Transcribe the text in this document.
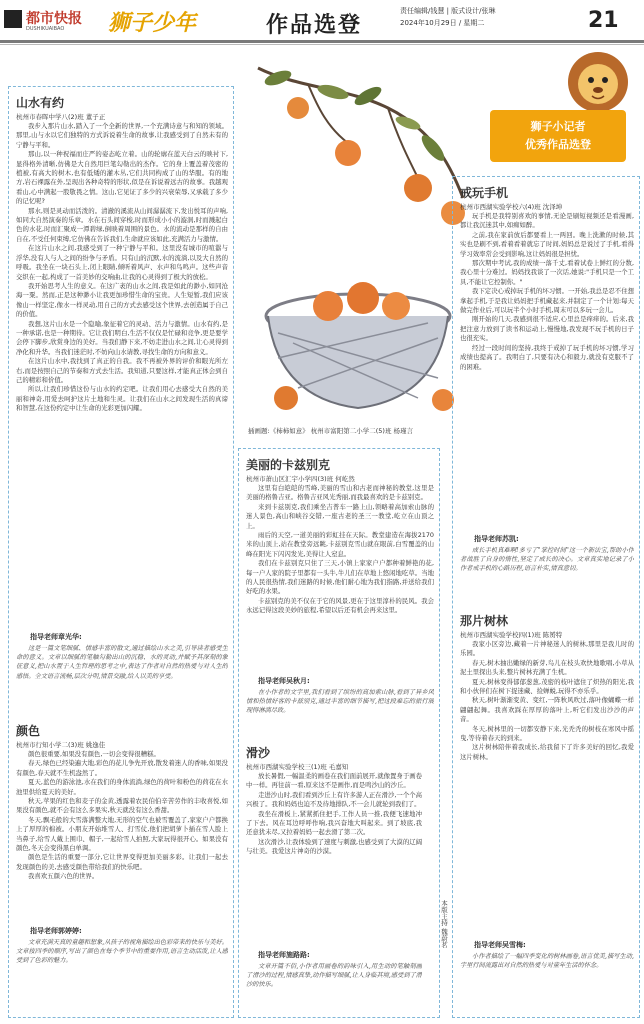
都市快报
DUSHIKUAIBAO 狮子少年	作品选登
责任编辑/钱慧 | 版式设计/张琳
2024年10月29日 / 星期二	21
山水有约
杭州市春晖中学八(2)班 董子正

我步入那片山水,踏入了一个全新的世界,一个充满诗意与和知的领域。那里,山与水以它们独特的方式诉说着生命的故事,让我感受到了自然未有的宁静与平和。

那山,以一种祝福而庄严的姿态屹立着。山的轮廓在蓝天白云的映衬下,显得格外清晰,仿佛是大自然用巨笔勾勒出的杰作。它的身上覆盖着茂密的植被,有高大的树木,也有低矮的灌木丛,它们共同构成了山的华服。有的地方,岩石裸露在外,呈现出各种奇特的形状,似是在诉说着远古的故事。我越观看山,心中满起一股敬畏之情。这山,它见证了多少的兴衰荣辱,又承载了多少的记忆呢?

那水,则是灵动而活泼的。清澈的溪流从山间潺潺流下,发出悦耳的声响,如同大自然演奏的乐章。水在石头间穿梭,时而形成小小的漩涡,时而溅起白色的水花,时而汇聚成一潭碧绿,倒映着周围的景色。水的流动是那样的自由自在,不受任何束缚,它仿佛在告诉我们,生命就应该如此,充满活力与激情。

在这片山水之间,我感受到了一种宁静与平和。这里没有城市的喧嚣与浮华,没有人与人之间的纷争与矛盾。只有山的沉默,水的流淌,以及大自然的呼吸。我坐在一块石头上,闭上眼睛,倾听着风声、水声和鸟鸣声。这些声音交织在一起,构成了一首美妙的交响曲,让我的心灵得到了极大的放松。

我开始思考人生的意义。在这广袤的山水之间,我是如此的渺小,如同沧海一粟。然而,正是这种渺小让我更加珍惜生命的宝贵。人生短暂,我们应该像山一样坚定,像水一样灵动,用自己的方式去感受这个世界,去创造属于自己的价值。

我想,这片山水是一个隐喻,象征着它的灵动、活力与激情。山水有约,是一种承诺,也是一种期待。它让我们明白,生活不仅仅是忙碌和竞争,更是要学会停下脚步,欣赏身边的美好。当我们静下来,不妨走进山水之间,让心灵得到净化和升华。当我们迷茫时,不妨向山水请教,寻找生命的方向和意义。

在这片山水中,我找到了真正的自我。我不再被外界的评价和眼光所左右,而是按照自己的节奏和方式去生活。我知道,只要这样,才能真正体会到自己的精彩和价值。

所以,让我们珍惜这份与山水的约定吧。让我们用心去感受大自然的美丽和神奇,用爱去呵护这片土地和生灵。让我们在山水之间发现生活的真谛和智慧,在这份约定中让生命的光彩更加闪耀。

指导老师章光华:

这是一篇文笔细腻、情感丰富的散文,通过描绘山水之美,引导读者感受生命的意义。文章以细腻的笔触勾勒出山的沉稳、水的灵动,并赋予其深刻的象征意义,把山水置于人生哲理的思考之中,表达了作者对自然的热爱与对人生的感悟。全文语言流畅,层次分明,情景交融,给人以美的享受。

颜色
杭州市行知小学二(3)班 姚逸佳

颜色很重要,如果没有颜色,一切会变得很糟糕。

春天,绿色已经染遍大地,彩色的花儿争先开放,散发着迷人的香味,如果没有颜色,春天就不生机盎然了。

夏天,蓝色的游泳池,水在我们的身体流淌,绿色的荷叶和粉色的荷花在水池里供给夏天的美好。

秋天,苹果的红色和麦子的金黄,透露着农民伯伯辛苦劳作的丰收喜悦,如果没有颜色,就不会有这么多果实,秋天就没有这么香甜。

冬天,飘毛般的大雪落满整大地,无形的空气也被雪覆盖了,家家户户都换上了厚厚的棉被。小朋友开始堆雪人、打雪仗,他们把胡萝卜插在雪人脸上当鼻子,给雪人戴上围巾、帽子,一起给雪人拍照,大家玩得很开心。如果没有颜色,冬天会变得黑白单调。

颜色是生活的重要一部分,它让世界变得更加美丽多彩。让我们一起去发现颜色的美,去感受颜色带给我们的快乐吧。

我喜欢五颜六色的世界。

指导老师郭婷婷:

文章充满天真的童趣和想象,从孩子的视角描绘出色彩带来的快乐与美好。文章按四季的顺序,写出了颜色在每个季节中的重要作用,语言生动活泼,让人感受到了色彩的魅力。

插画题:《柿柿如意》 杭州市富阳第二小学二(5)班 杨瑾言
美丽的卡兹别克
杭州市萧山区汇宇小学四(3)班 何屹然

这里有白皑皑的雪峰,美丽的雪山和古老而神秘的教堂,这里是美丽的格鲁吉亚。格鲁吉亚风光秀丽,而我最喜欢的是卡兹别克。

来到卡兹别克,我们乘坐吉普车一路上山,领略着高加索山脉的迷人景色,高山和峡谷交错,一座古老的圣三一教堂,屹立在山顶之上。

雨后的天空,一道美丽的彩虹挂在天际。教堂建造在海拔2170米的山顶上,站在教堂旁远眺,卡兹别克雪山就在眼前,白雪覆盖的山峰在阳光下闪闪发光,美得让人窒息。

我们在卡兹别克只住了三天,小镇上家家户户都种着鲜艳的花,每一户人家的院子里都有一头牛,牛儿们在草地上悠闲地吃草。当地的人民很热情,我们迷路的时候,他们耐心地为我们指路,并送给我们好吃的水果。

卡兹别克的美不仅在于它的风景,更在于这里淳朴的民风。我会永远记得这段美妙的旅程,希望以后还有机会再来这里。

指导老师吴秋月:

在小作者的文字里,我们看到了缤纷的高加索山脉,看到了异乡风情和热情好客的卡兹别克,通过丰富的细节描写,把这段难忘的旅行展现得淋漓尽致。

滑沙
杭州市西湖实验学校三(1)班 毛嘉知

放长暑假,一幅温柔的画卷在我们面前展开,就像置身于画卷中一样。再往前一看,原来这不是画作,而是鸣沙山的沙丘。

走进沙山时,我们看到沙丘上有许多游人正在滑沙,一个个高兴极了。我和妈妈也迫不及待地排队,不一会儿就轮到我们了。

我坐在滑板上,紧紧抓住把手,工作人员一推,我便飞速地冲了下去。风在耳边呼呼作响,我兴奋地大叫起来。到了坡底,我还意犹未尽,又拉着妈妈一起去滑了第二次。

这次滑沙,让我体验到了速度与刺激,也感受到了大漠的辽阔与壮美。我爱这片神奇的沙漠。

指导老师施路路:

文章开篇不俗,小作者用画卷的韵味引入,用生动的笔触刻画了滑沙的过程,情感真挚,动作描写细腻,让人身临其境,感受到了滑沙的快乐。

本版主持 魏蔚茗
狮子小记者
优秀作品选登
戒玩手机
杭州市西湖实验学校六(4)班 沈泽坤

玩手机是我特别喜欢的事情,无论是刷短视频还是看漫画,都让我沉迷其中,如痴如醉。

之前,我在家前放后都要看上一两回。晚上洗漱的时候,其实也是刷不到,看着看着就忘了时间,妈妈总是说过了手机,看得学习效率常会受到影响,这让妈妈很是担忧。

那次期中考试,我的成绩一落千丈,看着试卷上鲜红的分数,我心里十分难过。妈妈找我谈了一次话,她说:"手机只是一个工具,不能让它控制你。"

我下定决心戒掉玩手机的坏习惯。一开始,我总是忍不住想拿起手机,于是我让妈妈把手机藏起来,并制定了一个计划:每天做完作业后,可以玩半个小时手机,周末可以多玩一会儿。

刚开始的几天,我感到很不适应,心里总是痒痒的。后来,我把注意力放到了读书和运动上,慢慢地,我发现不玩手机的日子也很充实。

经过一段时间的坚持,我终于戒掉了玩手机的坏习惯,学习成绩也提高了。我明白了,只要有决心和毅力,就没有克服不了的困难。

指导老师苏凯:

成长手机真难啊!多亏了"掌控时间"这一个新法宝,帮助小作者战胜了自身的惰性,坚定了成长的决心。文章真实地记录了小作者戒手机的心路历程,语言朴实,情真意切。

那片树林
杭州市西湖实验学校四(1)班 陈赟特

我家小区旁边,藏着一片神秘迷人的树林,那里是我儿时的乐园。

春天,树木抽出嫩绿的新芽,鸟儿在枝头欢快地歌唱,小草从泥土里探出头来,整片树林充满了生机。

夏天,树林变得郁郁葱葱,茂密的枝叶遮住了炽热的阳光,我和小伙伴们在树下捉迷藏、捡蝉蜕,玩得不亦乐乎。

秋天,树叶渐渐变黄、变红,一阵秋风吹过,落叶像蝴蝶一样翩翩起舞。我喜欢踩在厚厚的落叶上,听它们发出沙沙的声音。

冬天,树林里的一切都安静下来,光秃秃的树枝在寒风中摇曳,等待着春天的到来。

这片树林陪伴着我成长,给我留下了许多美好的回忆,我爱这片树林。

指导老师吴雪梅:

小作者描绘了一幅四季变化的树林画卷,语言优美,描写生动,字里行间流露出对自然的热爱与对童年生活的怀念。
